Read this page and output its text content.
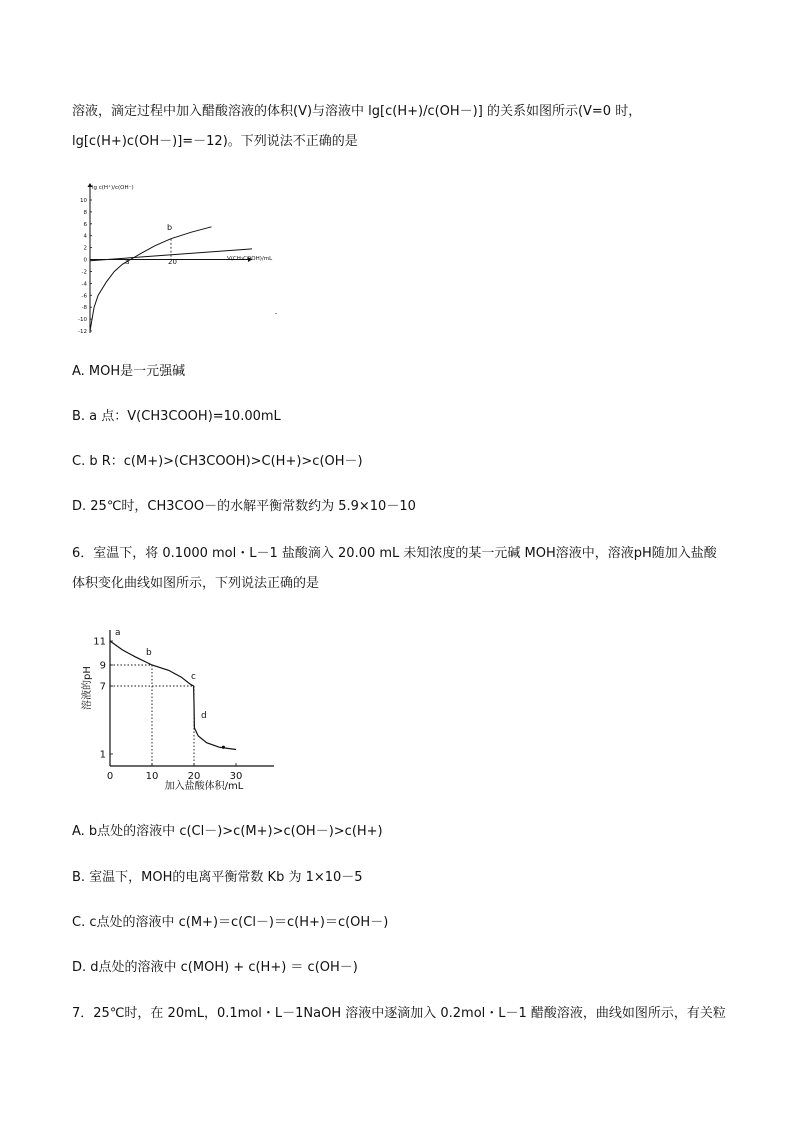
溶液，滴定过程中加入醋酸溶液的体积(V)与溶液中 lg[c(H+)/c(OH－)] 的关系如图所示(V=0 时，
lg[c(H+)c(OH－)]=－12)。下列说法不正确的是
10
8
6
4
2
0
-2
-4
-6
-8
-10
-12
lg c(H⁺)/c(OH⁻)
V(CH₃COOH)/mL
a	20
b
A. MOH是一元强碱
B. a 点：V(CH3COOH)=10.00mL
C. b R：c(M+)>(CH3COOH)>C(H+)>c(OH－)
D. 25℃时，CH3COO－的水解平衡常数约为 5.9×10－10
6．室温下，将 0.1000 mol・L－1 盐酸滴入 20.00 mL 未知浓度的某一元碱 MOH溶液中，溶液pH随加入盐酸
体积变化曲线如图所示，下列说法正确的是
溶液的pH
加入盐酸体积/mL
11
9
7
1
0	10	20	30
a
b
c
d
A. b点处的溶液中 c(Cl－)>c(M+)>c(OH－)>c(H+)
B. 室温下，MOH的电离平衡常数 Kb 为 1×10－5
C. c点处的溶液中 c(M+)＝c(Cl－)＝c(H+)＝c(OH－)
D. d点处的溶液中 c(MOH) + c(H+) ＝ c(OH－)
7．25℃时，在 20mL，0.1mol・L－1NaOH 溶液中逐滴加入 0.2mol・L－1 醋酸溶液，曲线如图所示，有关粒
